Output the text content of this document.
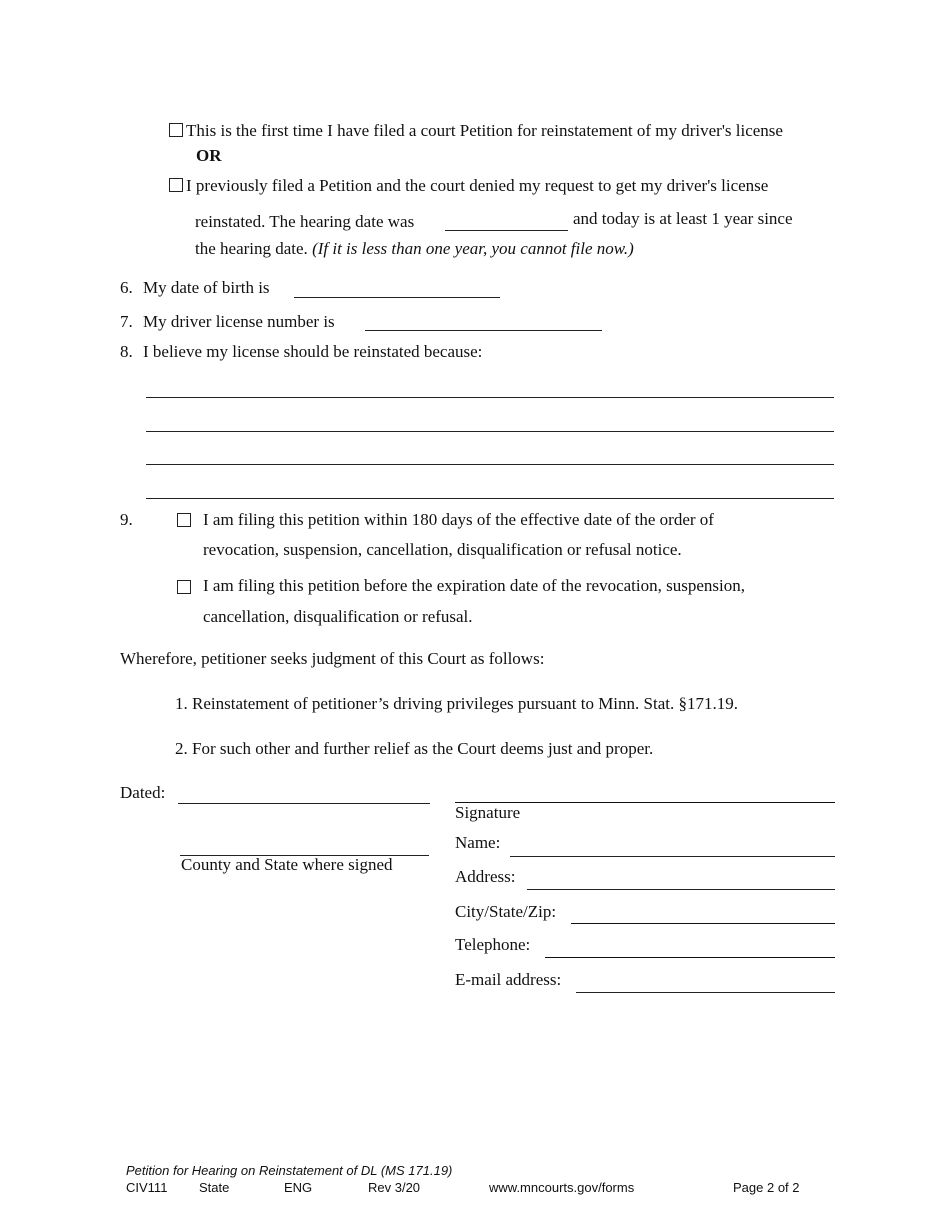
This is the first time I have filed a court Petition for reinstatement of my driver's license
OR
I previously filed a Petition and the court denied my request to get my driver's license
reinstated. The hearing date was	and today is at least 1 year since
the hearing date. (If it is less than one year, you cannot file now.)
6. My date of birth is
7. My driver license number is
8. I believe my license should be reinstated because:
9.	I am filing this petition within 180 days of the effective date of the order of
revocation, suspension, cancellation, disqualification or refusal notice.
I am filing this petition before the expiration date of the revocation, suspension,
cancellation, disqualification or refusal.
Wherefore, petitioner seeks judgment of this Court as follows:
1. Reinstatement of petitioner’s driving privileges pursuant to Minn. Stat. §171.19.
2. For such other and further relief as the Court deems just and proper.
Dated:
County and State where signed
Signature
Name:
Address:
City/State/Zip:
Telephone:
E-mail address:
Petition for Hearing on Reinstatement of DL (MS 171.19)
CIV111 State	ENG	Rev 3/20	www.mncourts.gov/forms	Page 2 of 2
